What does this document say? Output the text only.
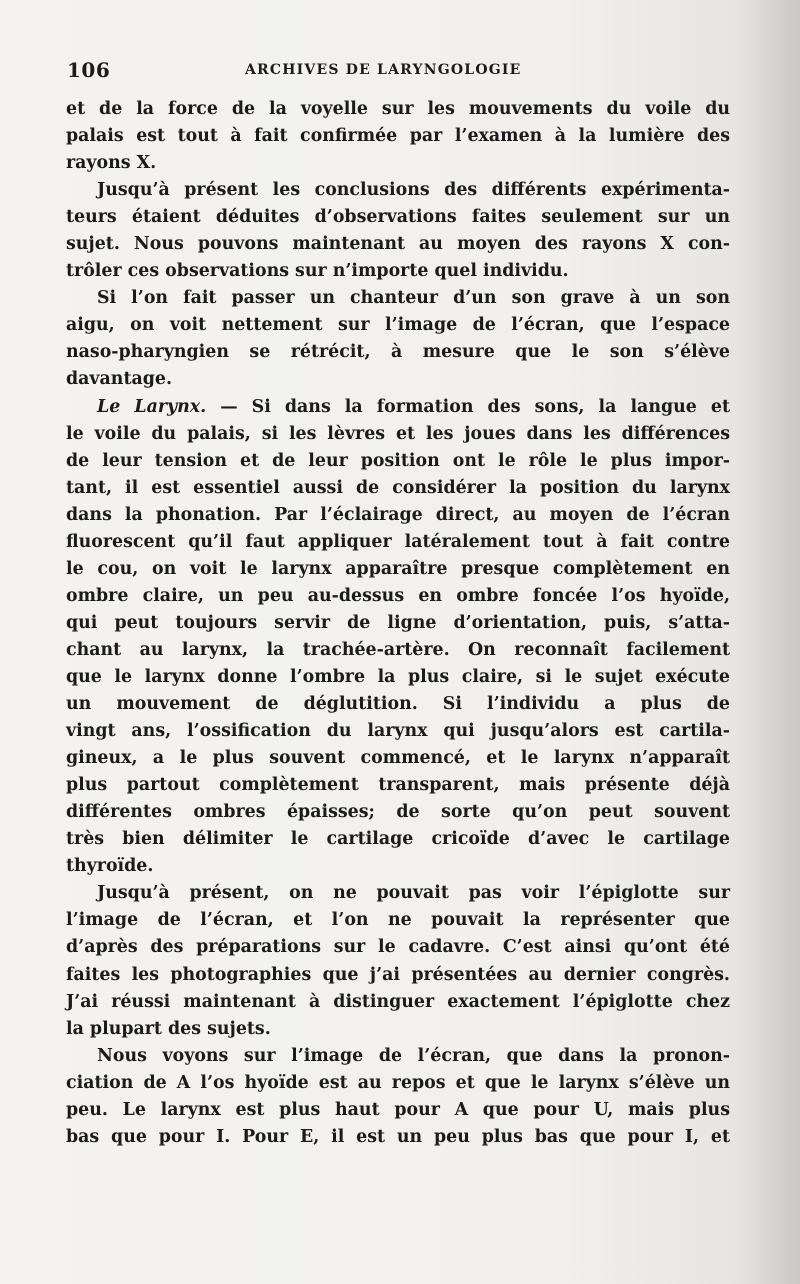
106	ARCHIVES DE LARYNGOLOGIE
et de la force de la voyelle sur les mouvements du voile du
palais est tout à fait confirmée par l’examen à la lumière des
rayons X.
Jusqu’à présent les conclusions des différents expérimenta-
teurs étaient déduites d’observations faites seulement sur un
sujet. Nous pouvons maintenant au moyen des rayons X con-
trôler ces observations sur n’importe quel individu.
Si l’on fait passer un chanteur d’un son grave à un son
aigu, on voit nettement sur l’image de l’écran, que l’espace
naso-pharyngien se rétrécit, à mesure que le son s’élève
davantage.
Le Larynx. — Si dans la formation des sons, la langue et
le voile du palais, si les lèvres et les joues dans les différences
de leur tension et de leur position ont le rôle le plus impor-
tant, il est essentiel aussi de considérer la position du larynx
dans la phonation. Par l’éclairage direct, au moyen de l’écran
fluorescent qu’il faut appliquer latéralement tout à fait contre
le cou, on voit le larynx apparaître presque complètement en
ombre claire, un peu au-dessus en ombre foncée l’os hyoïde,
qui peut toujours servir de ligne d’orientation, puis, s’atta-
chant au larynx, la trachée-artère. On reconnaît facilement
que le larynx donne l’ombre la plus claire, si le sujet exécute
un mouvement de déglutition. Si l’individu a plus de
vingt ans, l’ossification du larynx qui jusqu’alors est cartila-
gineux, a le plus souvent commencé, et le larynx n’apparaît
plus partout complètement transparent, mais présente déjà
différentes ombres épaisses; de sorte qu’on peut souvent
très bien délimiter le cartilage cricoïde d’avec le cartilage
thyroïde.
Jusqu’à présent, on ne pouvait pas voir l’épiglotte sur
l’image de l’écran, et l’on ne pouvait la représenter que
d’après des préparations sur le cadavre. C’est ainsi qu’ont été
faites les photographies que j’ai présentées au dernier congrès.
J’ai réussi maintenant à distinguer exactement l’épiglotte chez
la plupart des sujets.
Nous voyons sur l’image de l’écran, que dans la pronon-
ciation de A l’os hyoïde est au repos et que le larynx s’élève un
peu. Le larynx est plus haut pour A que pour U, mais plus
bas que pour I. Pour E, il est un peu plus bas que pour I, et
